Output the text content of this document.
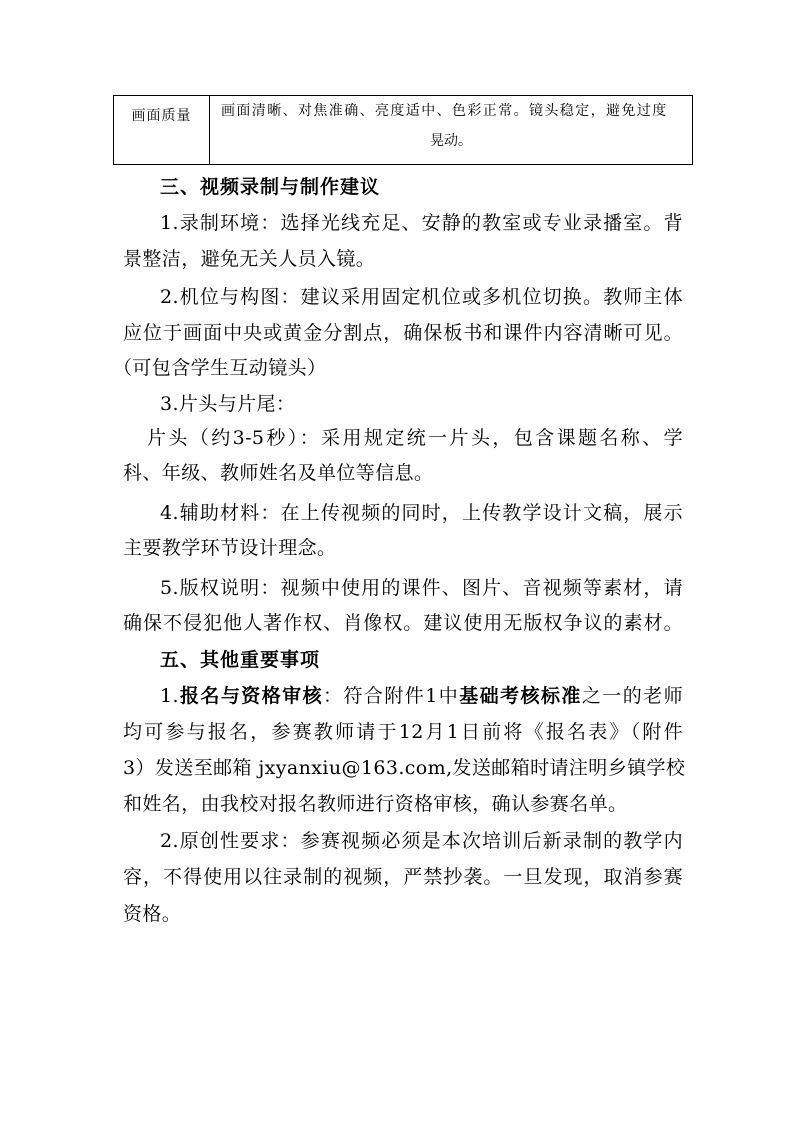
画面质量	画面清晰、对焦准确、亮度适中、色彩正常。镜头稳定，避免过度
晃动。
三、视频录制与制作建议
1.录制环境：选择光线充足、安静的教室或专业录播室。背
景整洁，避免无关人员入镜。
2.机位与构图：建议采用固定机位或多机位切换。教师主体
应位于画面中央或黄金分割点，确保板书和课件内容清晰可见。
（可包含学生互动镜头）
3.片头与片尾：
片头（约3-5秒）：采用规定统一片头，包含课题名称、学
科、年级、教师姓名及单位等信息。
4.辅助材料：在上传视频的同时，上传教学设计文稿，展示
主要教学环节设计理念。
5.版权说明：视频中使用的课件、图片、音视频等素材，请
确保不侵犯他人著作权、肖像权。建议使用无版权争议的素材。
五、其他重要事项
1.报名与资格审核：符合附件1中基础考核标准之一的老师
均可参与报名，参赛教师请于12月1日前将《报名表》（附件
3）发送至邮箱 jxyanxiu@163.com,发送邮箱时请注明乡镇学校
和姓名，由我校对报名教师进行资格审核，确认参赛名单。
2.原创性要求：参赛视频必须是本次培训后新录制的教学内
容，不得使用以往录制的视频，严禁抄袭。一旦发现，取消参赛
资格。
